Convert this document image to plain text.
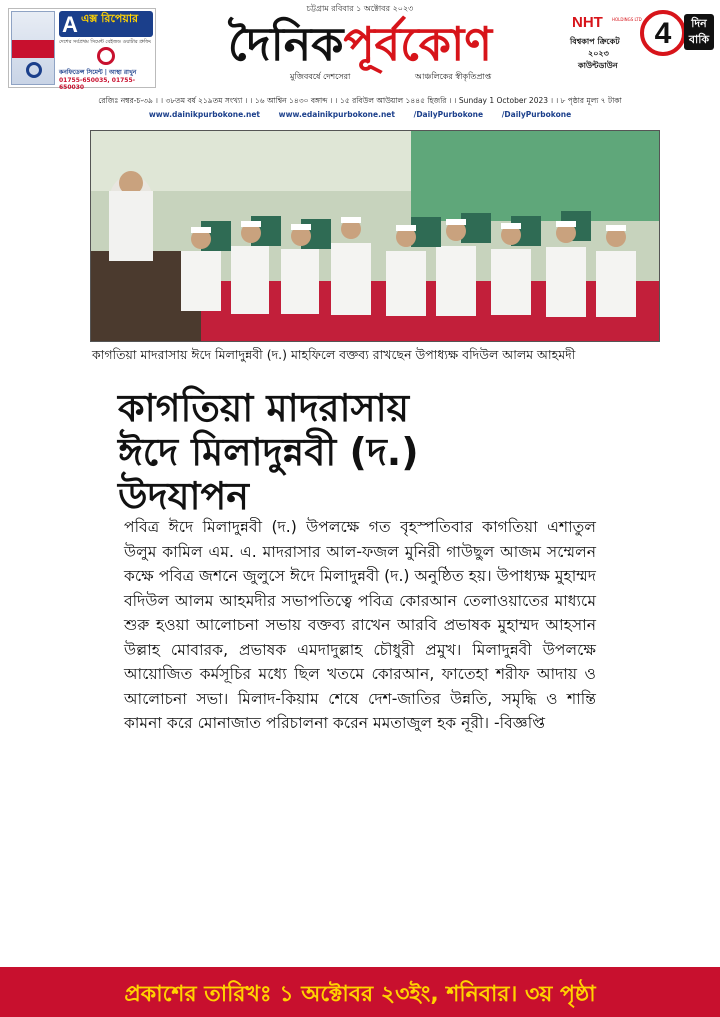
A এক্স রিপেয়ার
দেশের সর্বপ্রথম সিমেন্ট বেইজড ওয়াটার প্রুফিং
কনফিডেন্স সিমেন্ট | আস্থা রাখুন
01755-650035, 01755-650030
চট্টগ্রাম রবিবার ১ অক্টোবর ২০২৩
দৈনিকপূর্বকোণ
মুজিববর্ষে দেশসেরা	আঞ্চলিকের স্বীকৃতিপ্রাপ্ত
NHT HOLDINGS LTD
বিশ্বকাপ ক্রিকেট
২০২৩
কাউন্টডাউন
4	দিন
বাকি
রেজিঃ নম্বর-চ-৩৯ । । ৩৮তম বর্ষ ২১৯তম সংখ্যা । । ১৬ আশ্বিন ১৪৩০ বঙ্গাব্দ । । ১৫ রবিউল আউয়াল ১৪৪৫ হিজরি । । Sunday 1 October 2023 । । ৮ পৃষ্ঠার মূল্য ৭ টাকা
www.dainikpurbokone.net www.edainikpurbokone.net /DailyPurbokone /DailyPurbokone
কাগতিয়া মাদরাসায় ঈদে মিলাদুন্নবী (দ.) মাহফিলে বক্তব্য রাখছেন উপাধ্যক্ষ বদিউল আলম আহমদী
কাগতিয়া মাদরাসায়
ঈদে মিলাদুন্নবী (দ.)
উদযাপন
পবিত্র ঈদে মিলাদুন্নবী (দ.) উপলক্ষে গত বৃহস্পতিবার কাগতিয়া এশাতুল উলুম কামিল এম. এ. মাদরাসার আল-ফজল মুনিরী গাউছুল আজম সম্মেলন কক্ষে পবিত্র জশনে জুলুসে ঈদে মিলাদুন্নবী (দ.) অনুষ্ঠিত হয়। উপাধ্যক্ষ মুহাম্মদ বদিউল আলম আহমদীর সভাপতিত্বে পবিত্র কোরআন তেলাওয়াতের মাধ্যমে শুরু হওয়া আলোচনা সভায় বক্তব্য রাখেন আরবি প্রভাষক মুহাম্মদ আহসান উল্লাহ মোবারক, প্রভাষক এমদাদুল্লাহ চৌধুরী প্রমুখ। মিলাদুন্নবী উপলক্ষে আয়োজিত কর্মসূচির মধ্যে ছিল খতমে কোরআন, ফাতেহা শরীফ আদায় ও আলোচনা সভা। মিলাদ-কিয়াম শেষে দেশ-জাতির উন্নতি, সমৃদ্ধি ও শান্তি কামনা করে মোনাজাত পরিচালনা করেন মমতাজুল হক নূরী। -বিজ্ঞপ্তি
প্রকাশের তারিখঃ ১ অক্টোবর ২৩ইং, শনিবার। ৩য় পৃষ্ঠা
